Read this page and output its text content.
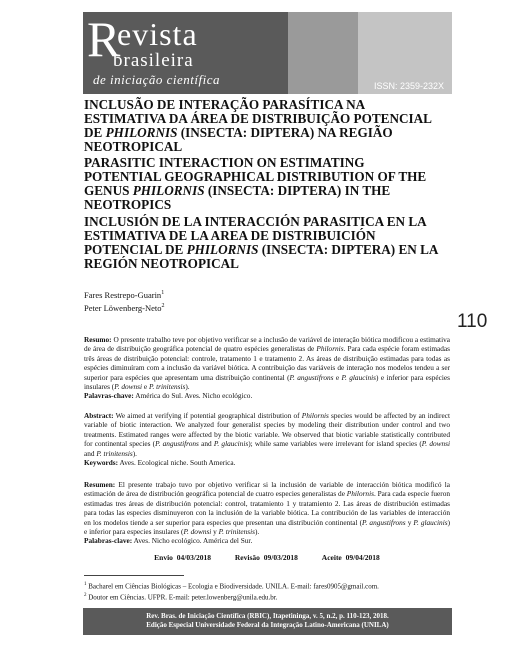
R
evista
brasileira
de iniciação científica	ISSN: 2359-232X
INCLUSÃO DE INTERAÇÃO PARASÍTICA NA ESTIMATIVA DA ÁREA DE DISTRIBUIÇÃO POTENCIAL DE PHILORNIS (INSECTA: DIPTERA) NA REGIÃO NEOTROPICAL
PARASITIC INTERACTION ON ESTIMATING POTENTIAL GEOGRAPHICAL DISTRIBUTION OF THE GENUS PHILORNIS (INSECTA: DIPTERA) IN THE NEOTROPICS
INCLUSIÓN DE LA INTERACCIÓN PARASITICA EN LA ESTIMATIVA DE LA AREA DE DISTRIBUICIÓN POTENCIAL DE PHILORNIS (INSECTA: DIPTERA) EN LA REGIÓN NEOTROPICAL
Fares Restrepo-Guarin$^1$
Peter Löwenberg-Neto$^2$
110

Resumo: O presente trabalho teve por objetivo verificar se a inclusão de variável de interação biótica modificou a estimativa de área de distribuição geográfica potencial de quatro espécies generalistas de Philornis. Para cada espécie foram estimadas três áreas de distribuição potencial: controle, tratamento 1 e tratamento 2. As áreas de distribuição estimadas para todas as espécies diminuíram com a inclusão da variável biótica. A contribuição das variáveis de interação nos modelos tendeu a ser superior para espécies que apresentam uma distribuição continental (P. angustifrons e P. glaucinis) e inferior para espécies insulares (P. downsi e P. trinitensis).
Palavras-chave: América do Sul. Aves. Nicho ecológico.

Abstract: We aimed at verifying if potential geographical distribution of Philornis species would be affected by an indirect variable of biotic interaction. We analyzed four generalist species by modeling their distribution under control and two treatments. Estimated ranges were affected by the biotic variable. We observed that biotic variable statistically contributed for continental species (P. angustifrons and P. glaucinis); while same variables were irrelevant for island species (P. downsi and P. trinitensis).
Keywords: Aves. Ecological niche. South America.

Resumen: El presente trabajo tuvo por objetivo verificar si la inclusión de variable de interacción biótica modificó la estimación de área de distribución geográfica potencial de cuatro especies generalistas de Philornis. Para cada especie fueron estimadas tres áreas de distribución potencial: control, tratamiento 1 y tratamiento 2. Las áreas de distribución estimadas para todas las especies disminuyeron con la inclusión de la variable biótica. La contribución de las variables de interacción en los modelos tiende a ser superior para especies que presentan una distribución continental (P. angustifrons y P. glaucinis) e inferior para especies insulares (P. downsi y P. trinitensis).
Palabras-clave: Aves. Nicho ecológico. América del Sur.

Envio 04/03/2018	Revisão 09/03/2018	Aceite 09/04/2018
$^1$ Bacharel em Ciências Biológicas – Ecologia e Biodiversidade. UNILA. E-mail: fares0905@gmail.com.
$^2$ Doutor em Ciências. UFPR. E-mail: peter.lowenberg@unila.edu.br.
Rev. Bras. de Iniciação Científica (RBIC), Itapetininga, v. 5, n.2, p. 110-123, 2018.
Edição Especial Universidade Federal da Integração Latino-Americana (UNILA)
